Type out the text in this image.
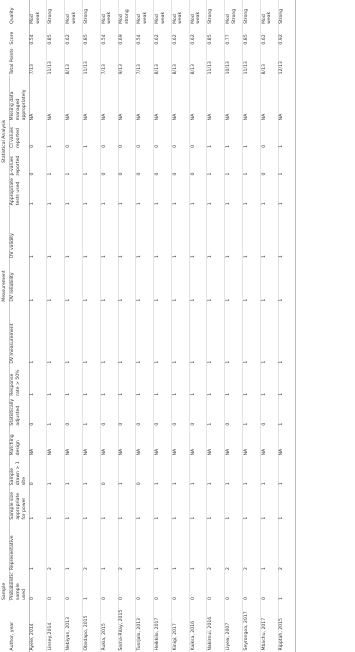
	Sample							Measurement			Statistical Analysis						
Author, year	Probabilistic sample used	Representative	Sample size appropriate for power	Sample drawn > 1 site	Matching design	Statistically adjusted	Response rate > 50%	DV measurement	DV reliability	DV validity	Appropriate tests used	p-values reported	CI values reported	Missing data managed appropriately	Total Points	Score	Quality
Ayele, 2014	0	1	1	0	NA	0	1	1	1	1	1	0	0	NA	7/13	0.54	Mod weak
Linsey,2014	0	2	1	1	NA	1	1	1	1	1	1	1	1	NA	11/13	0.85	Strong
Nebiyan, 2013	0	1	1	1	NA	0	1	1	1	1	1	1	0	NA	8/13	0.62	Mod weak
Obsdapo, 2015	1	2	1	1	NA	1	1	1	1	1	1	1	1	NA	11/13	0.85	Strong
Rukia, 2015	0	1	1	0	NA	0	1	1	1	1	1	0	0	NA	7/13	0.54	Mod weak
Sorna-Rilay, 2015	0	2	1	1	NA	0	1	1	1	1	1	0	0	NA	9/13	0.69	Mod strong
Tunrjalo, 2013	0	1	1	0	NA	0	1	1	1	1	1	0	0	NA	7/13	0.54	Mod weak
Heikkilo, 2017	0	1	1	1	NA	0	1	1	1	1	1	0	0	NA	8/13	0.62	Mod weak
Kinigi, 2017	0	1	1	1	NA	0	1	1	1	1	1	0	0	NA	8/13	0.62	Mod weak
Kaiksa, 2016	0	1	1	1	NA	0	1	1	1	1	1	0	0	NA	8/13	0.62	Mod weak
Nakirnui, 2016	0	2	1	1	NA	1	1	1	1	1	1	1	1	NA	11/13	0.85	Strong
Liyew, 2007	0	2	1	1	NA	0	1	1	1	1	1	1	1	NA	10/13	0.77	Mod Strong
Seyrongoa, 2017	0	2	1	1	NA	1	1	1	1	1	1	1	1	NA	11/13	0.85	Strong
Mbachu, 2017	0	1	1	1	NA	0	1	1	1	1	1	0	0	NA	8/13	0.62	Mod weak
Ripptah, 2015	1	2	1	1	NA	1	1	1	1	1	1	1	1	NA	12/13	0.92	Strong
